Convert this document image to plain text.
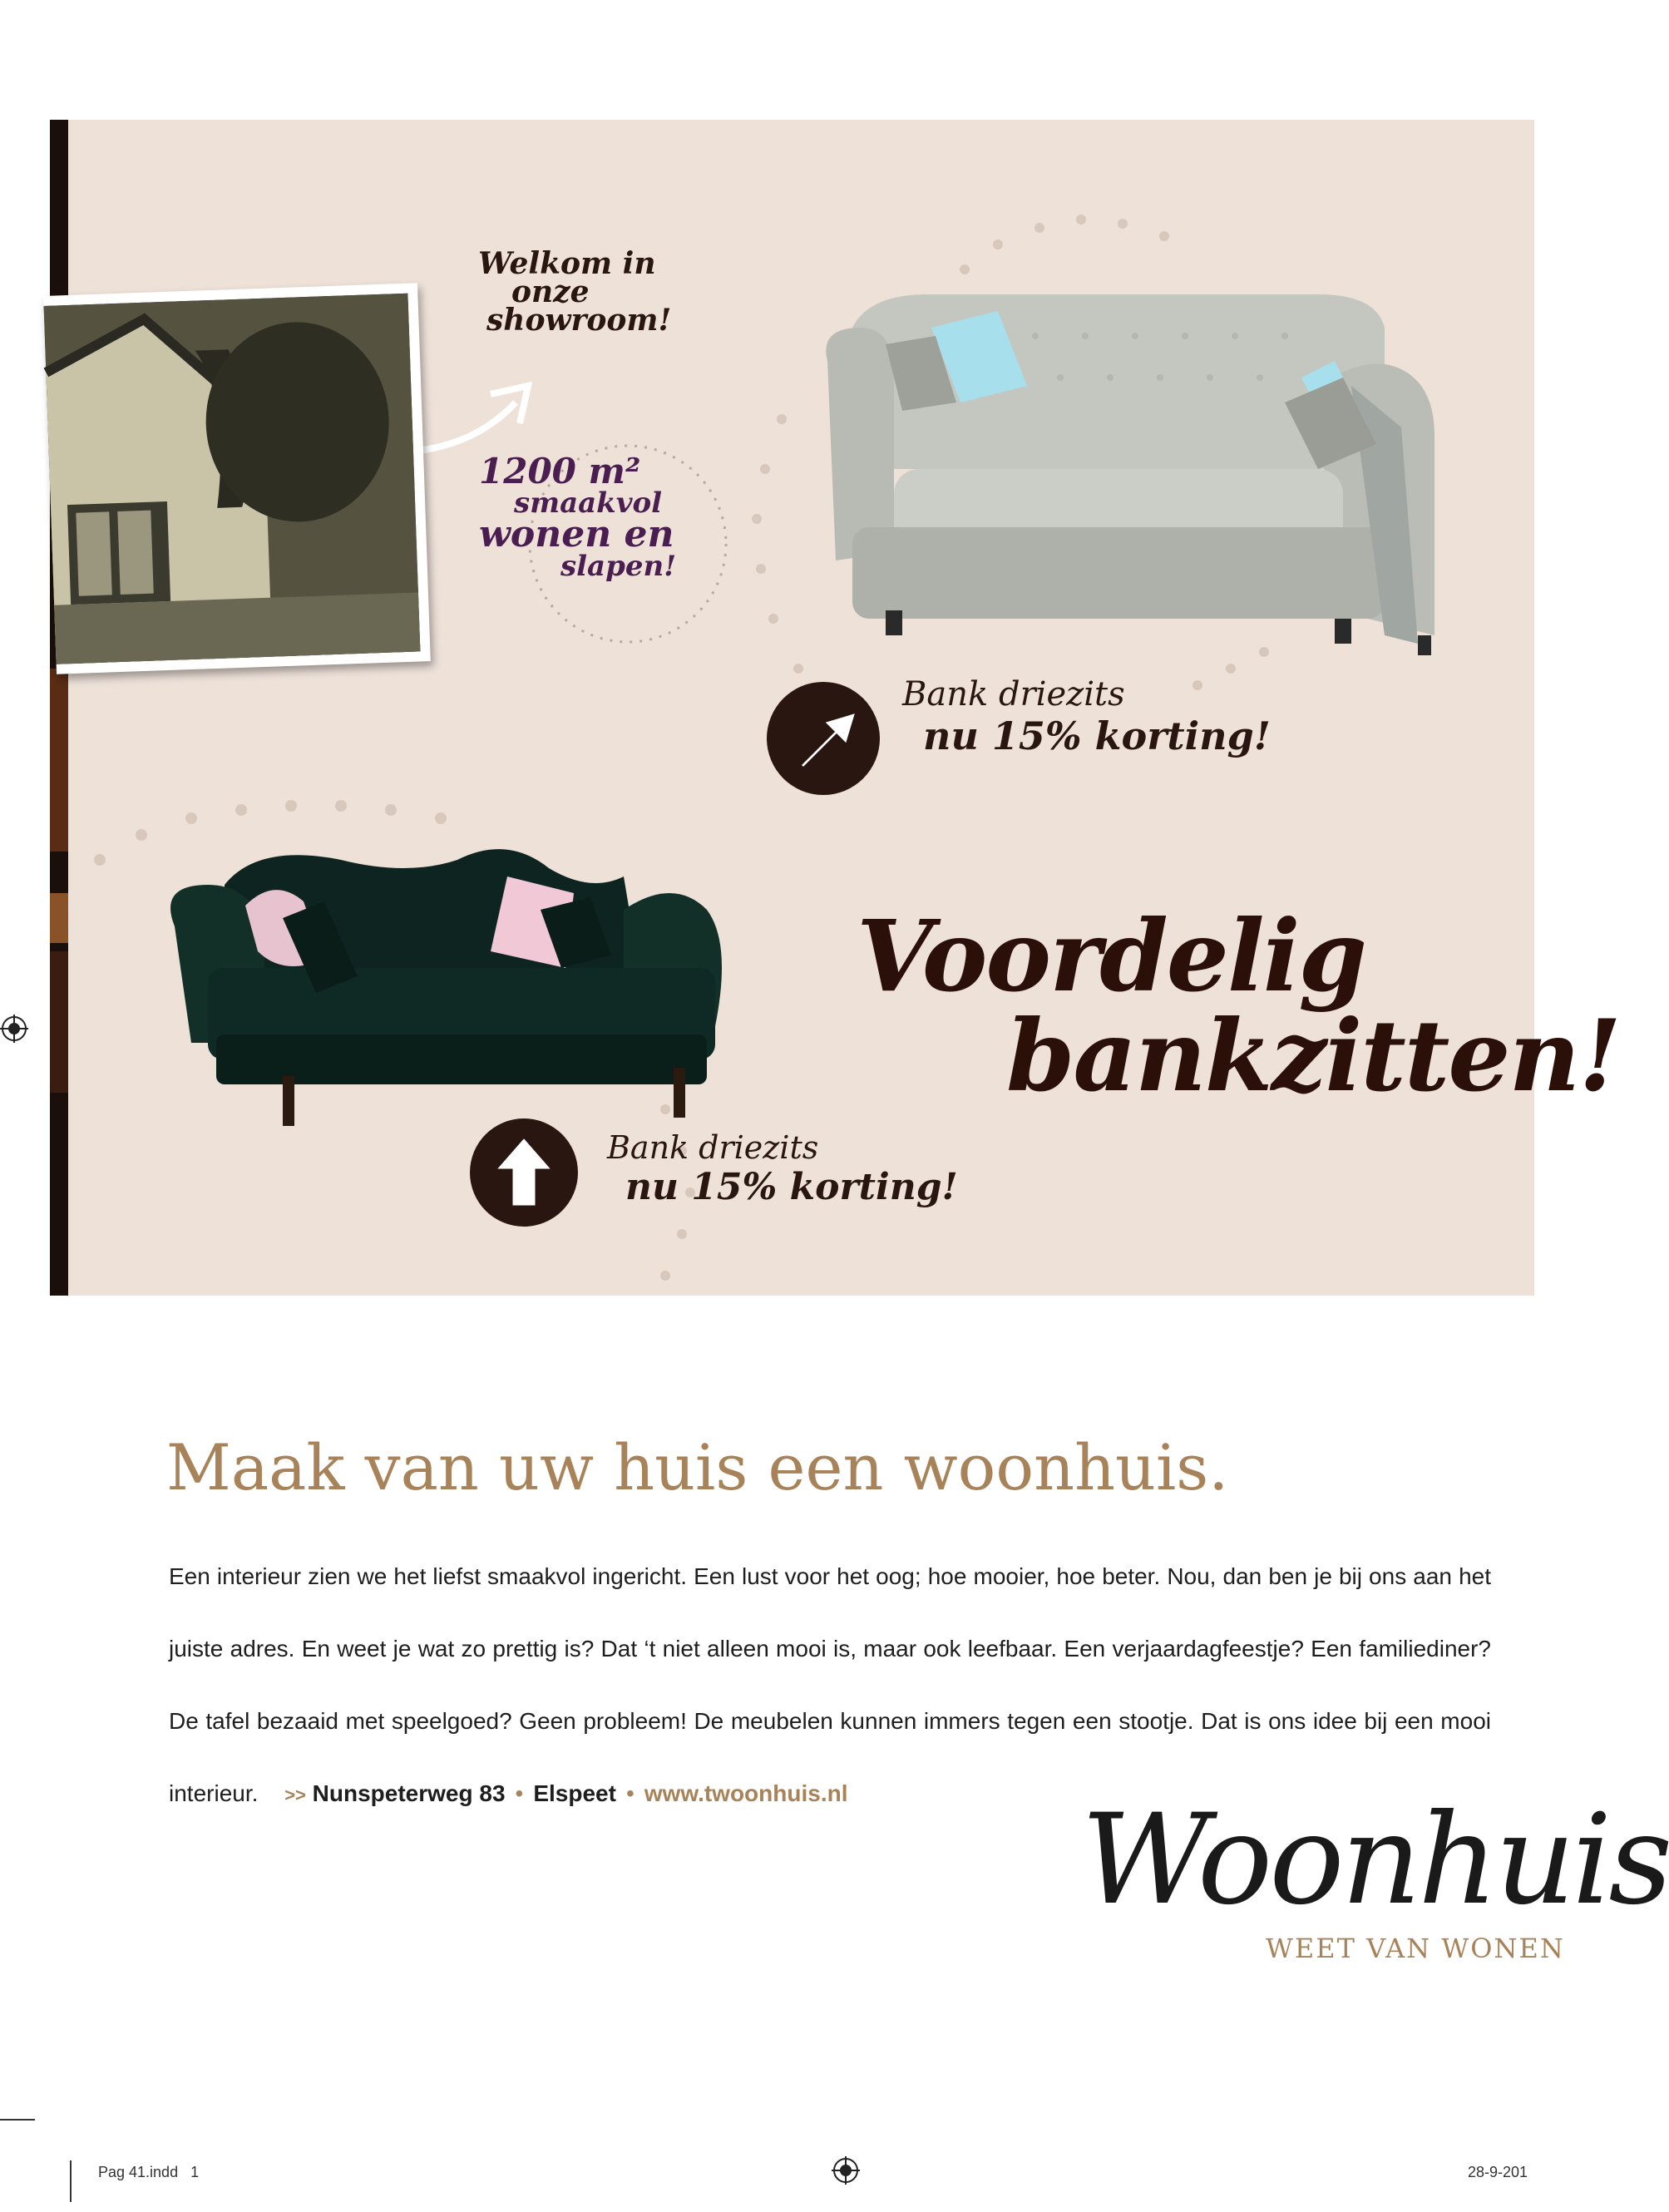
Welkom in
onze
showroom!
1200 m²
smaakvol
wonen en
slapen!
Bank driezits
nu 15% korting!
Bank driezits
nu 15% korting!
Voordelig
bankzitten!
Maak van uw huis een woonhuis.
Een interieur zien we het liefst smaakvol ingericht. Een lust voor het oog; hoe mooier, hoe beter. Nou, dan ben je bij ons aan het juiste adres. En weet je wat zo prettig is? Dat ‘t niet alleen mooi is, maar ook leefbaar. Een verjaardagfeestje? Een familiediner? De tafel bezaaid met speelgoed? Geen probleem! De meubelen kunnen immers tegen een stootje. Dat is ons idee bij een mooi interieur. >> Nunspeterweg 83 • Elspeet • www.twoonhuis.nl	Woonhuis
WEET VAN WONEN
Pag 41.indd   1	28-9-201
